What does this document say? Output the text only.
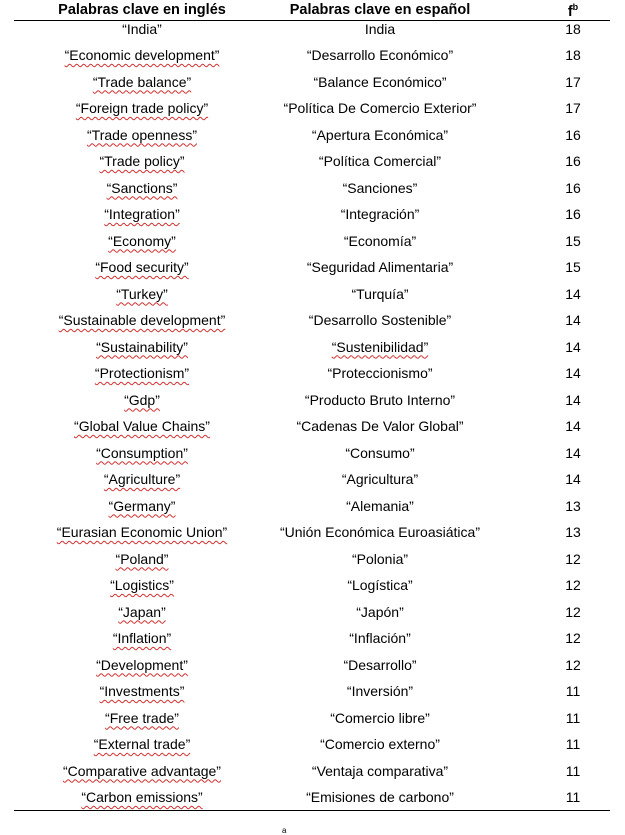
Palabras clave en inglés	Palabras clave en español	$f^b$
“India”	India	18
“Economic development”	“Desarrollo Económico”	18
“Trade balance”	“Balance Económico”	17
“Foreign trade policy”	“Política De Comercio Exterior”	17
“Trade openness”	“Apertura Económica”	16
“Trade policy”	“Política Comercial”	16
“Sanctions”	“Sanciones”	16
“Integration”	“Integración”	16
“Economy”	“Economía”	15
“Food security”	“Seguridad Alimentaria”	15
“Turkey”	“Turquía”	14
“Sustainable development”	“Desarrollo Sostenible”	14
“Sustainability”	“Sustenibilidad”	14
“Protectionism”	“Proteccionismo”	14
“Gdp”	“Producto Bruto Interno”	14
“Global Value Chains”	“Cadenas De Valor Global”	14
“Consumption”	“Consumo”	14
“Agriculture”	“Agricultura”	14
“Germany”	“Alemania”	13
“Eurasian Economic Union”	“Unión Económica Euroasiática”	13
“Poland”	“Polonia”	12
“Logistics”	“Logística”	12
“Japan”	“Japón”	12
“Inflation”	“Inflación”	12
“Development”	“Desarrollo”	12
“Investments”	“Inversión”	11
“Free trade”	“Comercio libre”	11
“External trade”	“Comercio externo”	11
“Comparative advantage”	“Ventaja comparativa”	11
“Carbon emissions”	“Emisiones de carbono”	11
a
